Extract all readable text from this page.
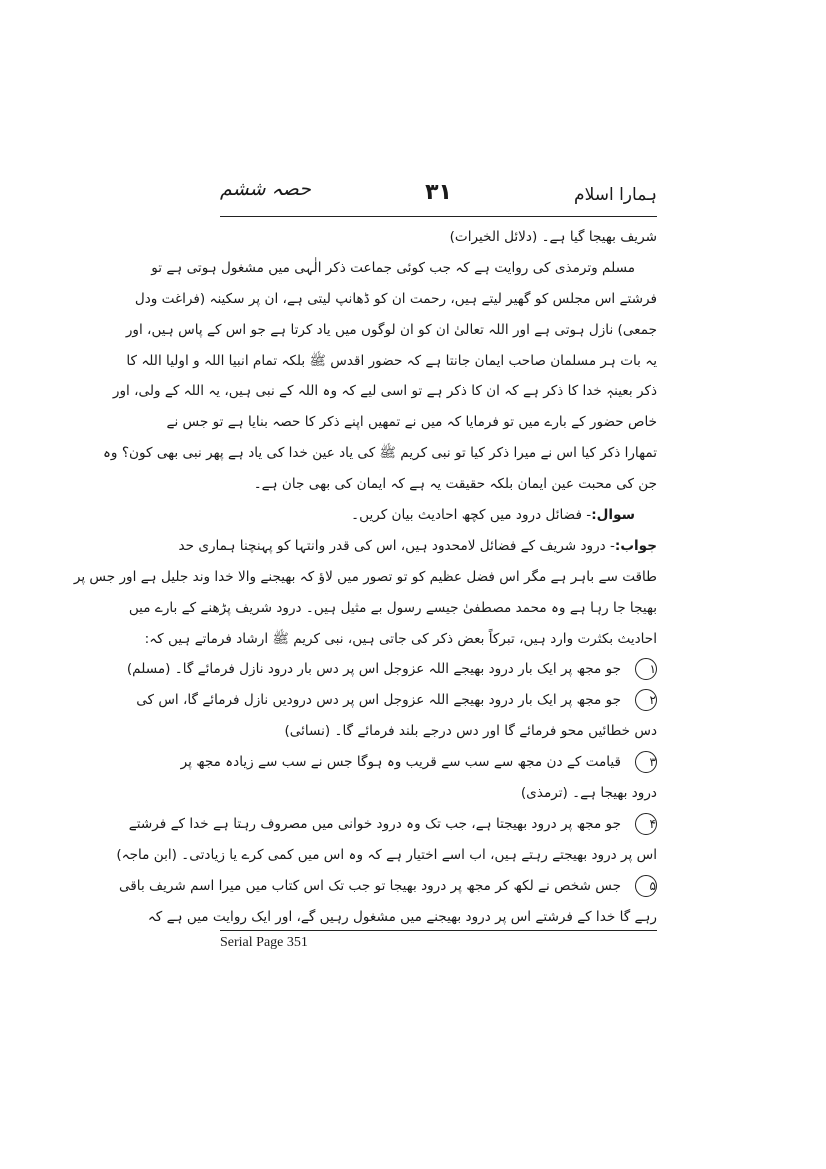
ہمارا اسلام
۳۱
حصہ ششم
شریف بھیجا گیا ہے۔ (دلائل الخیرات)
مسلم وترمذی کی روایت ہے کہ جب کوئی جماعت ذکر الٰہی میں مشغول ہوتی ہے تو
فرشتے اس مجلس کو گھیر لیتے ہیں، رحمت ان کو ڈھانپ لیتی ہے، ان پر سکینہ (فراغت ودل
جمعی) نازل ہوتی ہے اور اللہ تعالیٰ ان کو ان لوگوں میں یاد کرتا ہے جو اس کے پاس ہیں، اور
یہ بات ہر مسلمان صاحب ایمان جانتا ہے کہ حضور اقدس ﷺ بلکہ تمام انبیا اللہ و اولیا اللہ کا
ذکر بعینہٖ خدا کا ذکر ہے کہ ان کا ذکر ہے تو اسی لیے کہ وہ اللہ کے نبی ہیں، یہ اللہ کے ولی، اور
خاص حضور کے بارے میں تو فرمایا کہ میں نے تمھیں اپنے ذکر کا حصہ بنایا ہے تو جس نے
تمھارا ذکر کیا اس نے میرا ذکر کیا تو نبی کریم ﷺ کی یاد عین خدا کی یاد ہے پھر نبی بھی کون؟ وہ
جن کی محبت عین ایمان بلکہ حقیقت یہ ہے کہ ایمان کی بھی جان ہے۔
سوال:- فضائل درود میں کچھ احادیث بیان کریں۔
جواب:- درود شریف کے فضائل لامحدود ہیں، اس کی قدر وانتہا کو پہنچنا ہماری حد
طاقت سے باہر ہے مگر اس فضل عظیم کو تو تصور میں لاؤ کہ بھیجنے والا خدا وند جلیل ہے اور جس پر
بھیجا جا رہا ہے وہ محمد مصطفیٰ جیسے رسول بے مثیل ہیں۔ درود شریف پڑھنے کے بارے میں
احادیث بکثرت وارد ہیں، تبرکاً بعض ذکر کی جاتی ہیں، نبی کریم ﷺ ارشاد فرماتے ہیں کہ:
۱جو مجھ پر ایک بار درود بھیجے اللہ عزوجل اس پر دس بار درود نازل فرمائے گا۔ (مسلم)
۲جو مجھ پر ایک بار درود بھیجے اللہ عزوجل اس پر دس درودیں نازل فرمائے گا، اس کی
دس خطائیں محو فرمائے گا اور دس درجے بلند فرمائے گا۔ (نسائی)
۳قیامت کے دن مجھ سے سب سے قریب وہ ہوگا جس نے سب سے زیادہ مجھ پر
درود بھیجا ہے۔ (ترمذی)
۴جو مجھ پر درود بھیجتا ہے، جب تک وہ درود خوانی میں مصروف رہتا ہے خدا کے فرشتے
اس پر درود بھیجتے رہتے ہیں، اب اسے اختیار ہے کہ وہ اس میں کمی کرے یا زیادتی۔ (ابن ماجہ)
۵جس شخص نے لکھ کر مجھ پر درود بھیجا تو جب تک اس کتاب میں میرا اسم شریف باقی
رہے گا خدا کے فرشتے اس پر درود بھیجنے میں مشغول رہیں گے، اور ایک روایت میں ہے کہ
Serial Page 351
